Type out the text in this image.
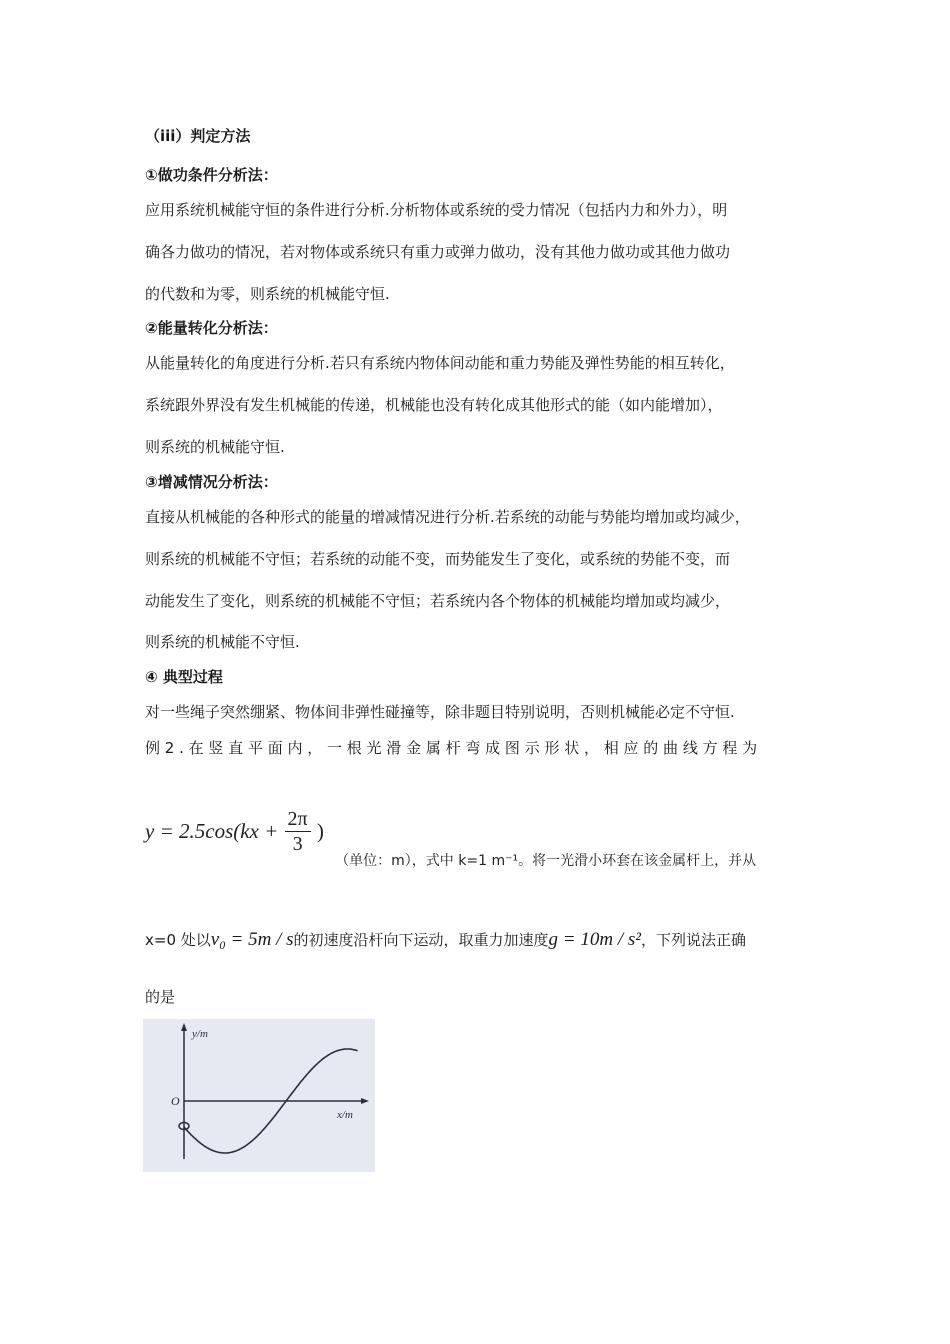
（iii）判定方法
①做功条件分析法：
应用系统机械能守恒的条件进行分析.分析物体或系统的受力情况（包括内力和外力），明
确各力做功的情况，若对物体或系统只有重力或弹力做功，没有其他力做功或其他力做功
的代数和为零，则系统的机械能守恒.
②能量转化分析法：
从能量转化的角度进行分析.若只有系统内物体间动能和重力势能及弹性势能的相互转化，
系统跟外界没有发生机械能的传递，机械能也没有转化成其他形式的能（如内能增加），
则系统的机械能守恒.
③增减情况分析法：
直接从机械能的各种形式的能量的增减情况进行分析.若系统的动能与势能均增加或均减少，
则系统的机械能不守恒；若系统的动能不变，而势能发生了变化，或系统的势能不变，而
动能发生了变化，则系统的机械能不守恒；若系统内各个物体的机械能均增加或均减少，
则系统的机械能不守恒.
④ 典型过程
对一些绳子突然绷紧、物体间非弹性碰撞等，除非题目特别说明，否则机械能必定不守恒.
例 2 . 在 竖 直 平 面 内 ， 一 根 光 滑 金 属 杆 弯 成 图 示 形 状 ， 相 应 的 曲 线 方 程 为
$y = 2.5\cos(kx + \frac{2\pi}{3}$ ) （单位：m），式中 k=1 m⁻¹。将一光滑小环套在该金属杆上，并从
x=0 处以v₀ = 5m / s的初速度沿杆向下运动，取重力加速度g = 10m / s²，下列说法正确
的是
y/m
x/m
O
